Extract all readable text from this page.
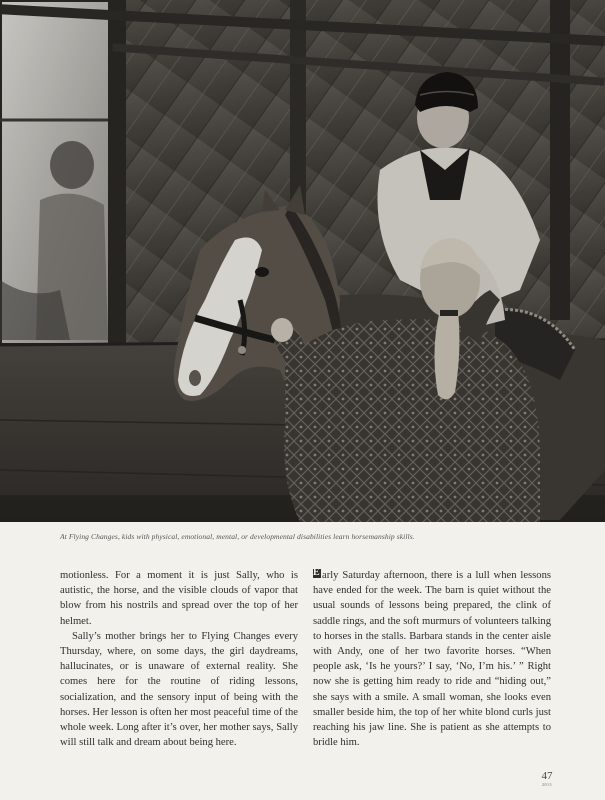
At Flying Changes, kids with physical, emotional, mental, or developmental disabilities learn horsemanship skills.

motionless. For a moment it is just Sally, who is autistic, the horse, and the visible clouds of vapor that blow from his nostrils and spread over the top of her helmet.

Sally’s mother brings her to Flying Changes every Thursday, where, on some days, the girl daydreams, hallucinates, or is unaware of external reality. She comes here for the routine of riding lessons, socialization, and the sensory input of being with the horses. Her lesson is often her most peaceful time of the whole week. Long after it’s over, her mother says, Sally will still talk and dream about being here.

E arly Saturday afternoon, there is a lull when lessons have ended for the week. The barn is quiet without the usual sounds of lessons being prepared, the clink of saddle rings, and the soft murmurs of volunteers talking to horses in the stalls. Barbara stands in the center aisle with Andy, one of her two favorite horses. “When people ask, ‘Is he yours?’ I say, ‘No, I’m his.’ ” Right now she is getting him ready to ride and “hiding out,” she says with a smile. A small woman, she looks even smaller beside him, the top of her white blond curls just reaching his jaw line. She is patient as she attempts to bridle him.

47
2013
